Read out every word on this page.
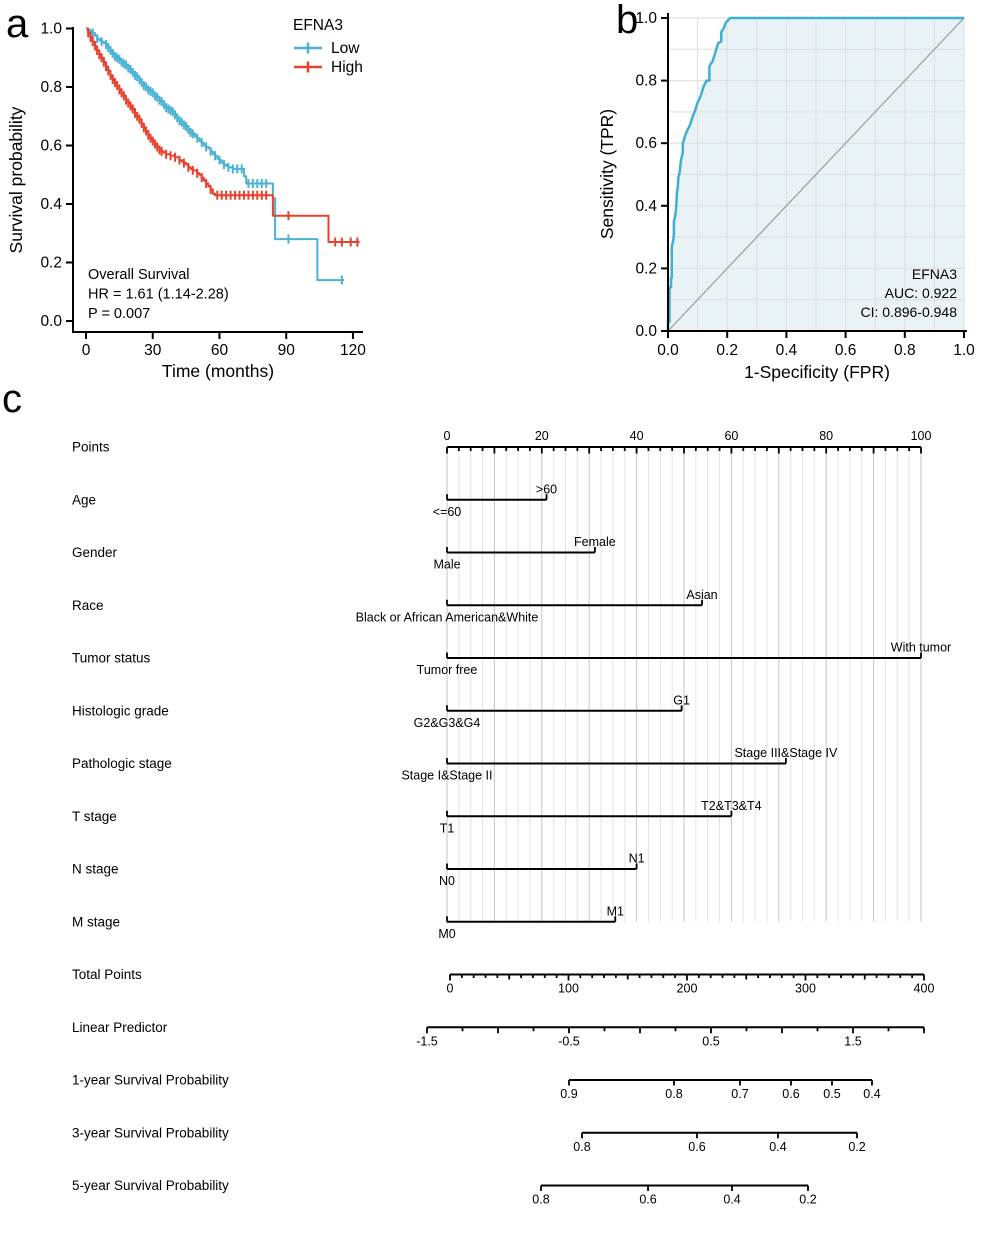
a	b
c
0	30	60	90	120
0.0
0.2
0.4
0.6
0.8
1.0
Overall Survival
HR = 1.61 (1.14-2.28)
P = 0.007
EFNA3
Low
High
Survival probability
Time (months)
0.0 0.2 0.4 0.6 0.8 1.0
0.0
0.2
0.4
0.6
0.8
1.0
EFNA3
AUC: 0.922
CI: 0.896-0.948
Sensitivity (TPR)
1-Specificity (FPR)
0	20	40	60	80	100
Points
Age
<=60
>60
Gender
Male
Female
Race
Black or African American&White
Asian
Tumor status
Tumor free
With tumor
Histologic grade
G2&G3&G4
G1
Pathologic stage
Stage I&Stage II
Stage III&Stage IV
T stage
T1
T2&T3&T4
N stage
N0
N1
M stage
M0
M1
0	100	200	300	400
Total Points
-1.5	-0.5	0.5	1.5
Linear Predictor
0.9	0.8	0.7	0.6 0.5 0.4
1-year Survival Probability
0.8	0.6	0.4	0.2
3-year Survival Probability
0.8	0.6	0.4	0.2
5-year Survival Probability
